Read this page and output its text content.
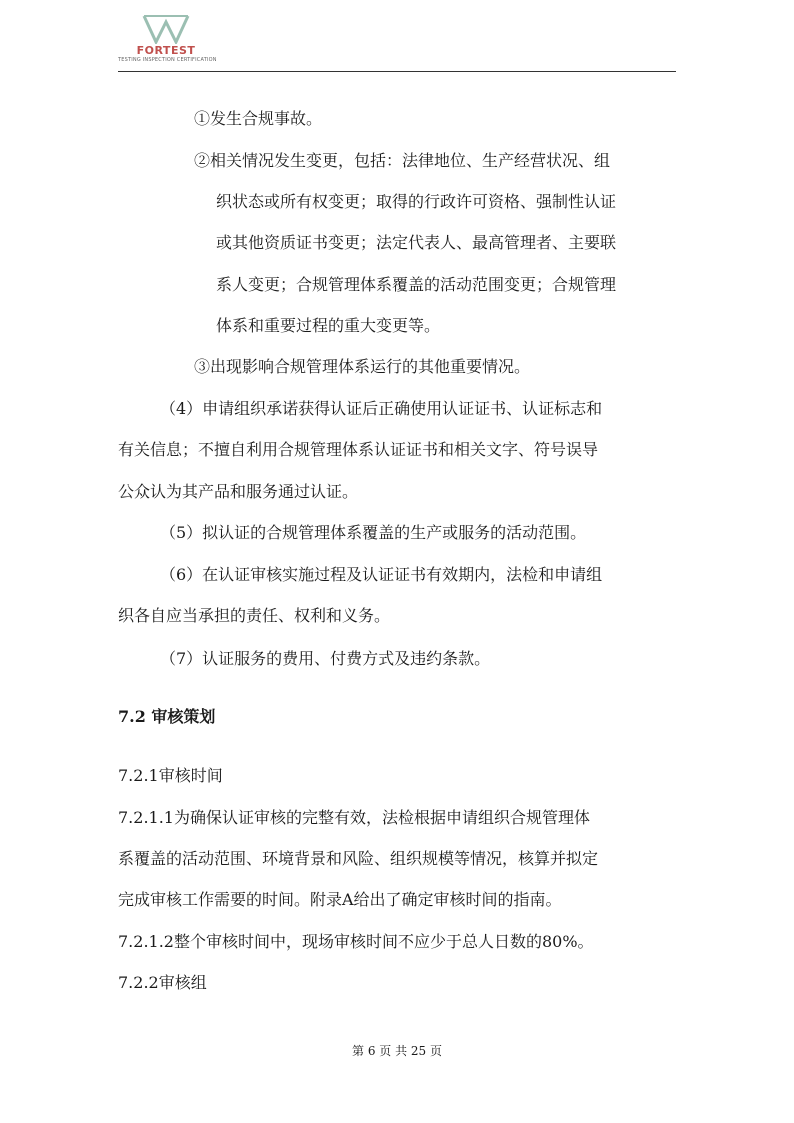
FORTEST
TESTING INSPECTION CERTIFICATION
①发生合规事故。
②相关情况发生变更，包括：法律地位、生产经营状况、组
织状态或所有权变更；取得的行政许可资格、强制性认证
或其他资质证书变更；法定代表人、最高管理者、主要联
系人变更；合规管理体系覆盖的活动范围变更；合规管理
体系和重要过程的重大变更等。
③出现影响合规管理体系运行的其他重要情况。
（4）申请组织承诺获得认证后正确使用认证证书、认证标志和
有关信息；不擅自利用合规管理体系认证证书和相关文字、符号误导
公众认为其产品和服务通过认证。
（5）拟认证的合规管理体系覆盖的生产或服务的活动范围。
（6）在认证审核实施过程及认证证书有效期内，法检和申请组
织各自应当承担的责任、权利和义务。
（7）认证服务的费用、付费方式及违约条款。
7.2 审核策划
7.2.1审核时间
7.2.1.1为确保认证审核的完整有效，法检根据申请组织合规管理体
系覆盖的活动范围、环境背景和风险、组织规模等情况，核算并拟定
完成审核工作需要的时间。附录A给出了确定审核时间的指南。
7.2.1.2整个审核时间中，现场审核时间不应少于总人日数的80%。
7.2.2审核组
第 6 页 共 25 页
